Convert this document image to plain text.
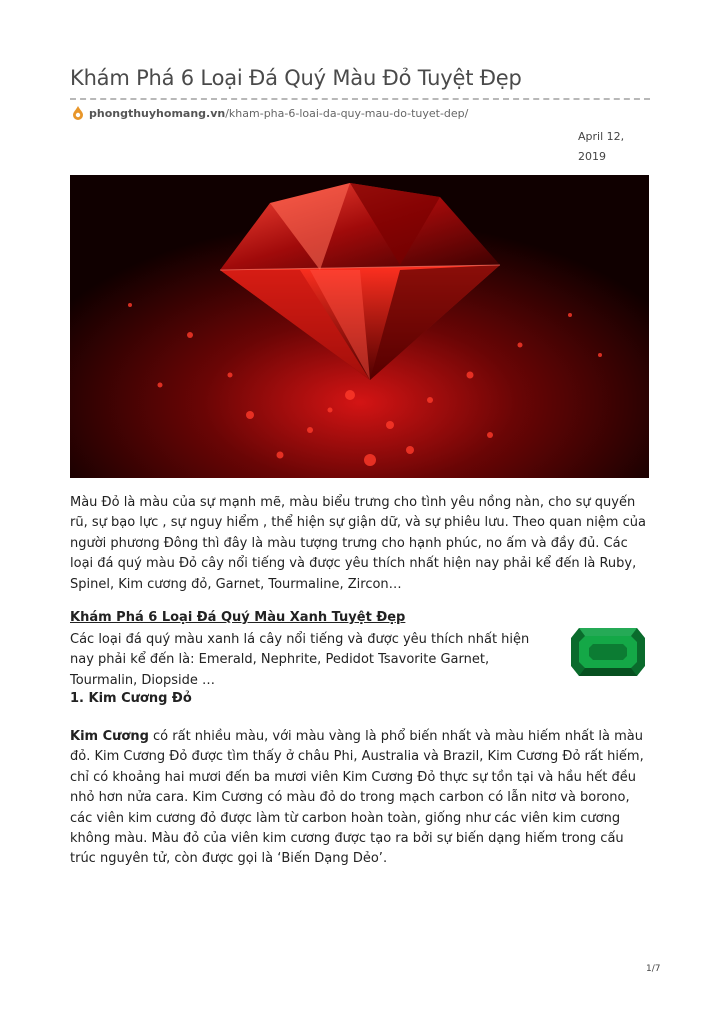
Khám Phá 6 Loại Đá Quý Màu Đỏ Tuyệt Đẹp
phongthuyhomang.vn /kham-pha-6-loai-da-quy-mau-do-tuyet-dep/
April 12, 2019
Màu Đỏ là màu của sự mạnh mẽ, màu biểu trưng cho tình yêu nồng nàn, cho sự quyến rũ, sự bạo lực , sự nguy hiểm , thể hiện sự giận dữ, và sự phiêu lưu. Theo quan niệm của người phương Đông thì đây là màu tượng trưng cho hạnh phúc, no ấm và đầy đủ. Các loại đá quý màu Đỏ cây nổi tiếng và được yêu thích nhất hiện nay phải kể đến là Ruby, Spinel, Kim cương đỏ, Garnet, Tourmaline, Zircon…
Khám Phá 6 Loại Đá Quý Màu Xanh Tuyệt Đẹp
Các loại đá quý màu xanh lá cây nổi tiếng và được yêu thích nhất hiện nay phải kể đến là: Emerald, Nephrite, Pedidot Tsavorite Garnet, Tourmalin, Diopside …
1. Kim Cương Đỏ
Kim Cương có rất nhiều màu, với màu vàng là phổ biến nhất và màu hiếm nhất là màu đỏ. Kim Cương Đỏ được tìm thấy ở châu Phi, Australia và Brazil, Kim Cương Đỏ rất hiếm, chỉ có khoảng hai mươi đến ba mươi viên Kim Cương Đỏ thực sự tồn tại và hầu hết đều nhỏ hơn nửa cara. Kim Cương có màu đỏ do trong mạch carbon có lẫn nitơ và borono, các viên kim cương đỏ được làm từ carbon hoàn toàn, giống như các viên kim cương không màu. Màu đỏ của viên kim cương được tạo ra bởi sự biến dạng hiếm trong cấu trúc nguyên tử, còn được gọi là ‘Biến Dạng Dẻo’.
1/7
